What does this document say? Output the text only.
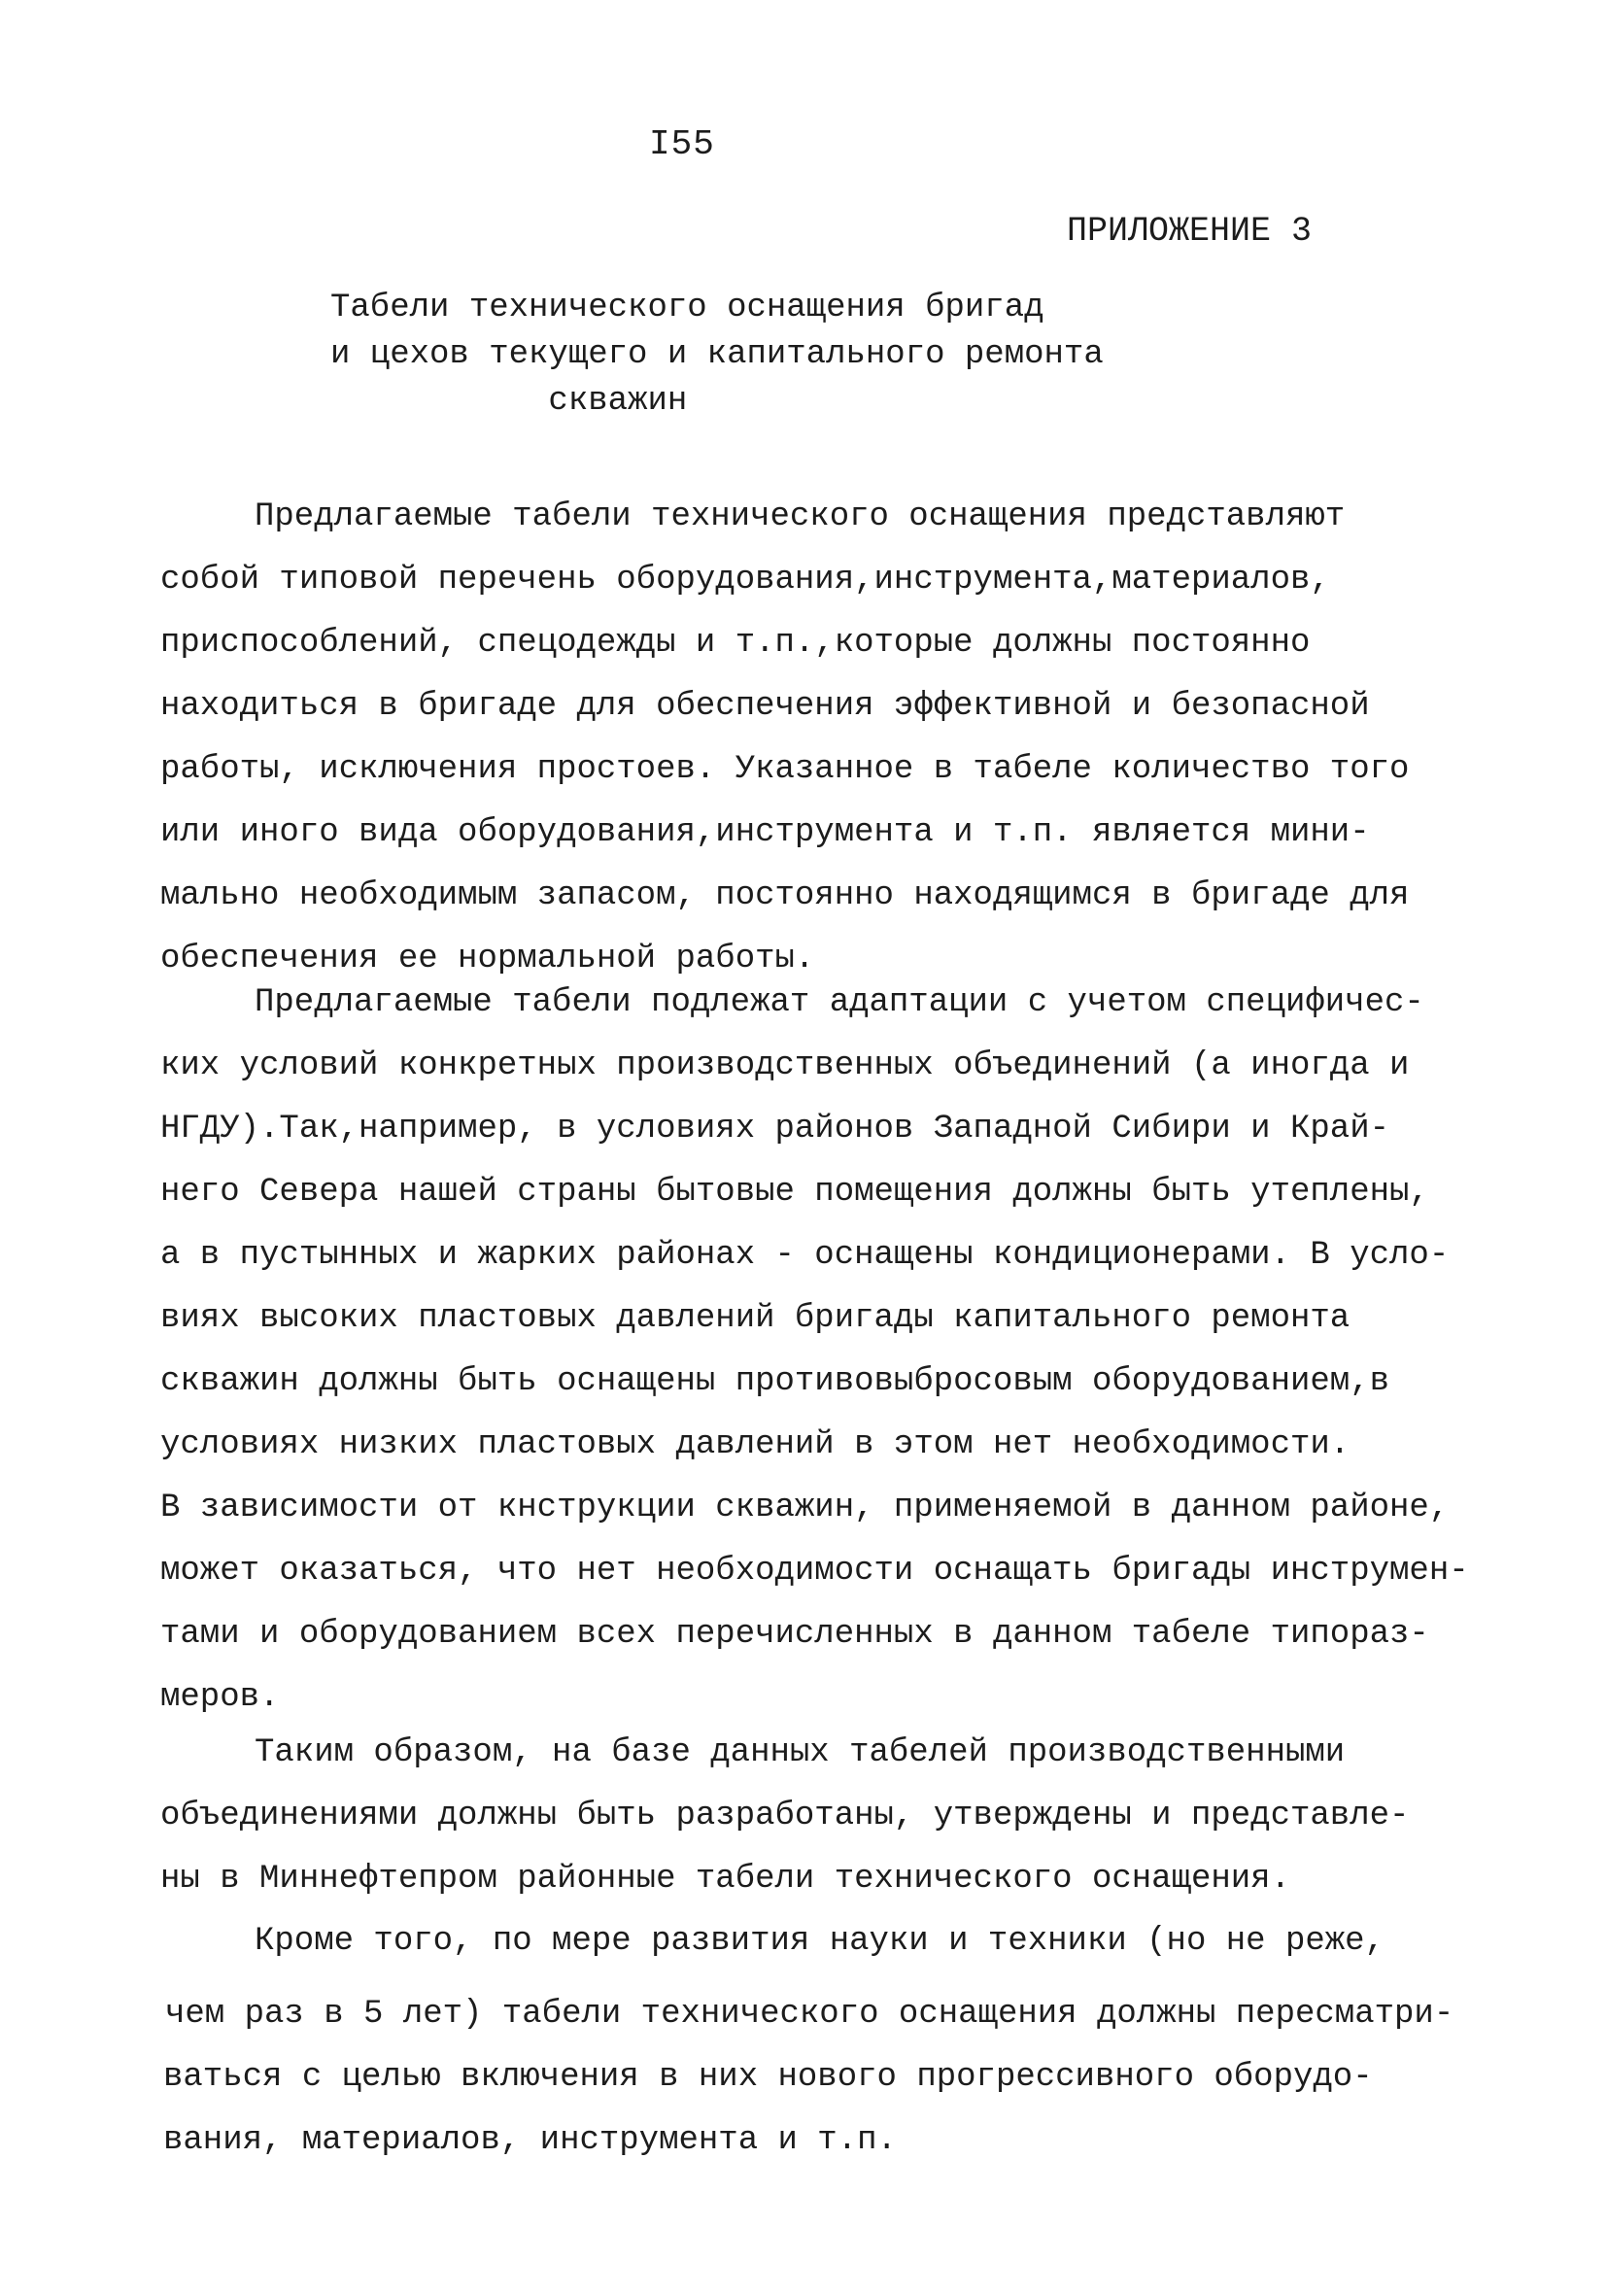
I55
ПРИЛОЖЕНИЕ 3
Табели технического оснащения бригад
и цехов текущего и капитального ремонта
скважин
Предлагаемые табели технического оснащения представляют
собой типовой перечень оборудования,инструмента,материалов,
приспособлений, спецодежды и т.п.,которые должны постоянно
находиться в бригаде для обеспечения эффективной и безопасной
работы, исключения простоев. Указанное в табеле количество того
или иного вида оборудования,инструмента и т.п. является мини-
мально необходимым запасом, постоянно находящимся в бригаде для
обеспечения ее нормальной работы.
Предлагаемые табели подлежат адаптации с учетом специфичес-
ких условий конкретных производственных объединений (а иногда и
НГДУ).Так,например, в условиях районов Западной Сибири и Край-
него Севера нашей страны бытовые помещения должны быть утеплены,
а в пустынных и жарких районах - оснащены кондиционерами. В усло-
виях высоких пластовых давлений бригады капитального ремонта
скважин должны быть оснащены противовыбросовым оборудованием,в
условиях низких пластовых давлений в этом нет необходимости.
В зависимости от кнструкции скважин, применяемой в данном районе,
может оказаться, что нет необходимости оснащать бригады инструмен-
тами и оборудованием всех перечисленных в данном табеле типораз-
меров.
Таким образом, на базе данных табелей производственными
объединениями должны быть разработаны, утверждены и представле-
ны в Миннефтепром районные табели технического оснащения.
Кроме того, по мере развития науки и техники (но не реже,
чем раз в 5 лет) табели технического оснащения должны пересматри-
ваться с целью включения в них нового прогрессивного оборудо-
вания, материалов, инструмента и т.п.
